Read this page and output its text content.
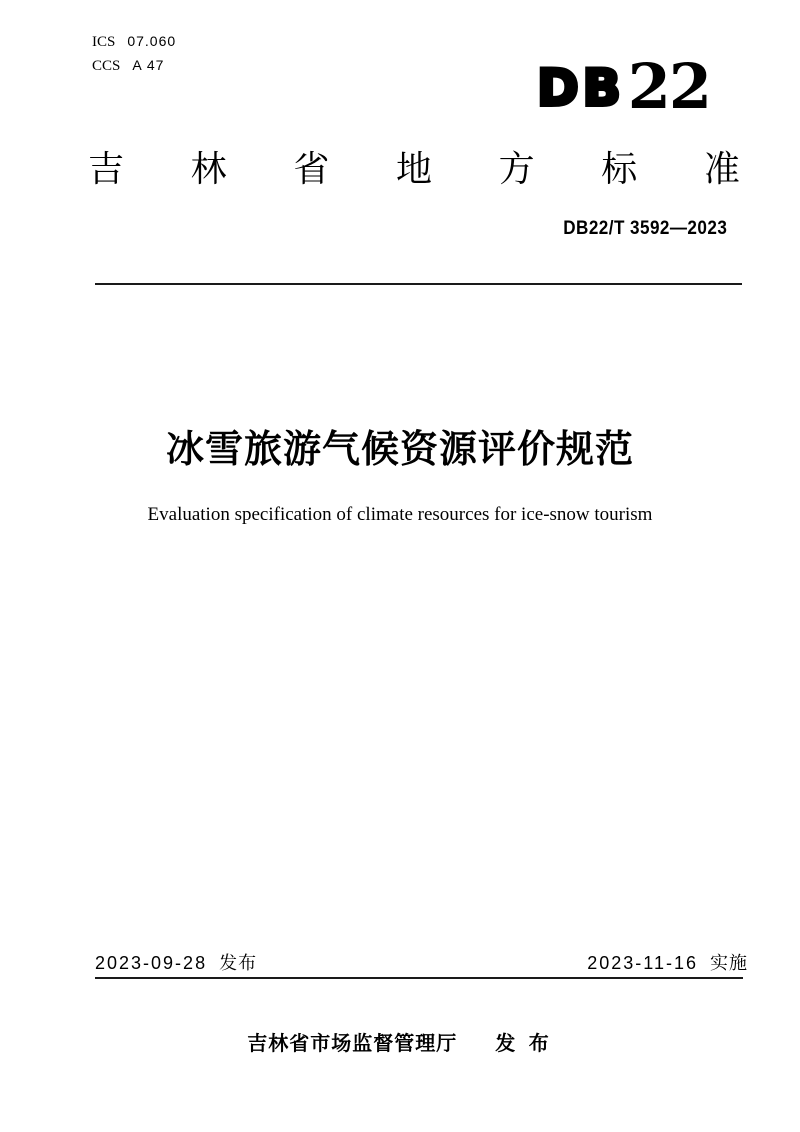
ICS 07.060
CCS A 47	DB 22
吉 林 省 地 方 标 准
DB22/T 3592—2023
冰雪旅游气候资源评价规范
Evaluation specification of climate resources for ice-snow tourism
2023-09-28 发布	2023-11-16 实施
吉林省市场监督管理厅 发 布
